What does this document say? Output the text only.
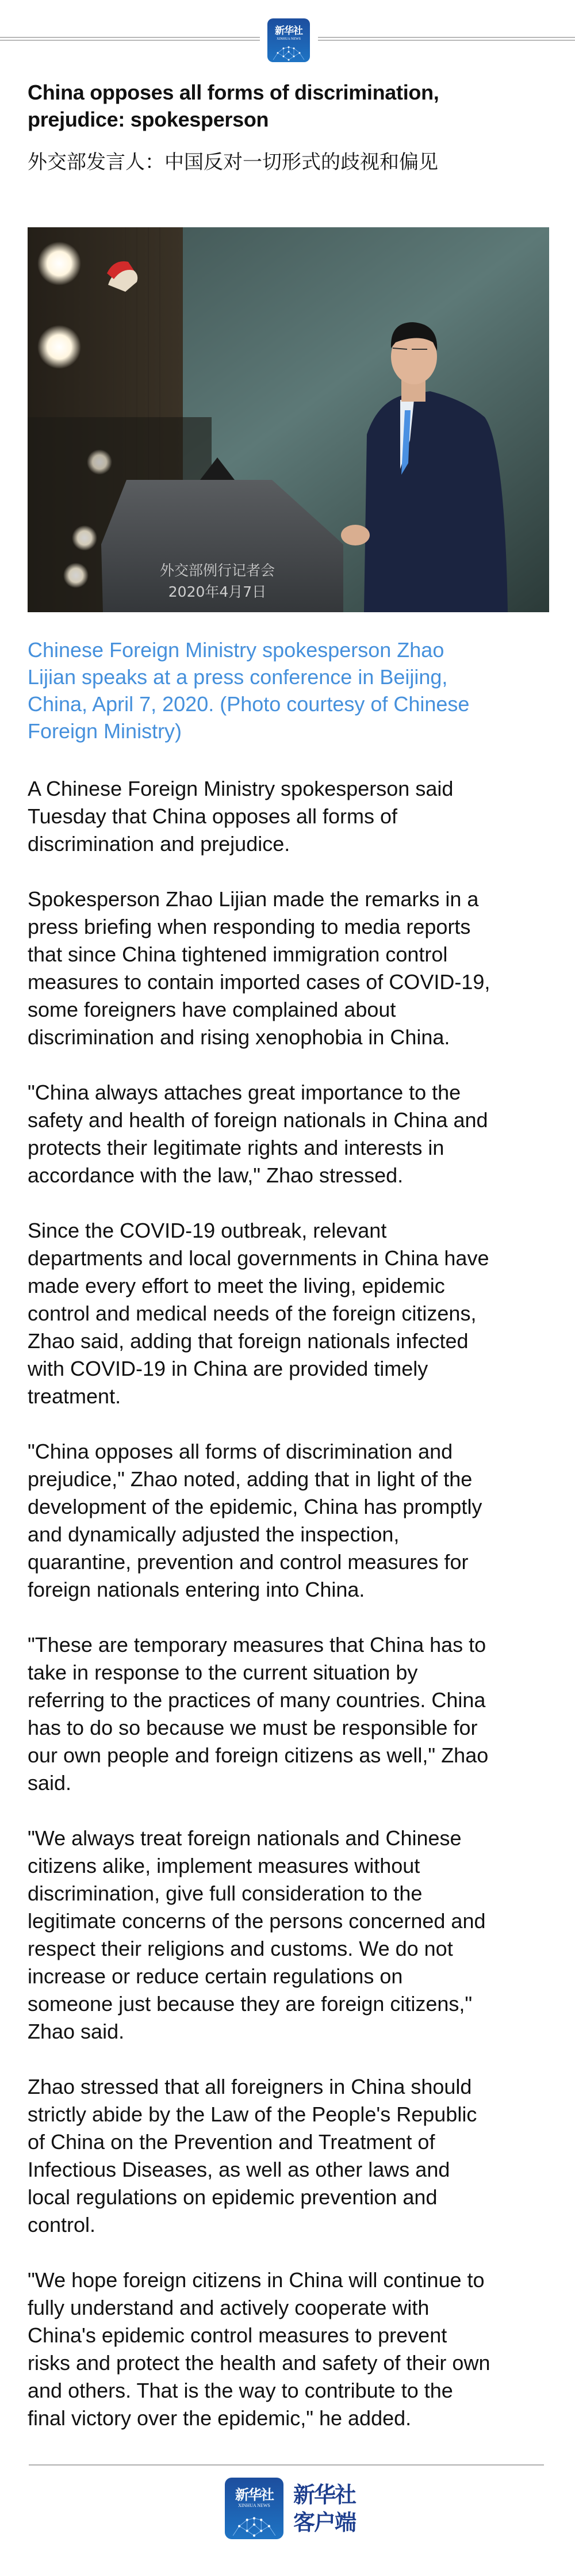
新华社
XINHUA NEWS
China opposes all forms of discrimination,
prejudice: spokesperson
外交部发言人：中国反对一切形式的歧视和偏见
外交部例行记者会
2020年4月7日
Chinese Foreign Ministry spokesperson Zhao
Lijian speaks at a press conference in Beijing,
China, April 7, 2020. (Photo courtesy of Chinese
Foreign Ministry)

A Chinese Foreign Ministry spokesperson said
Tuesday that China opposes all forms of
discrimination and prejudice.

Spokesperson Zhao Lijian made the remarks in a
press briefing when responding to media reports
that since China tightened immigration control
measures to contain imported cases of COVID-19,
some foreigners have complained about
discrimination and rising xenophobia in China.

"China always attaches great importance to the
safety and health of foreign nationals in China and
protects their legitimate rights and interests in
accordance with the law," Zhao stressed.

Since the COVID-19 outbreak, relevant
departments and local governments in China have
made every effort to meet the living, epidemic
control and medical needs of the foreign citizens,
Zhao said, adding that foreign nationals infected
with COVID-19 in China are provided timely
treatment.

"China opposes all forms of discrimination and
prejudice," Zhao noted, adding that in light of the
development of the epidemic, China has promptly
and dynamically adjusted the inspection,
quarantine, prevention and control measures for
foreign nationals entering into China.

"These are temporary measures that China has to
take in response to the current situation by
referring to the practices of many countries. China
has to do so because we must be responsible for
our own people and foreign citizens as well," Zhao
said.

"We always treat foreign nationals and Chinese
citizens alike, implement measures without
discrimination, give full consideration to the
legitimate concerns of the persons concerned and
respect their religions and customs. We do not
increase or reduce certain regulations on
someone just because they are foreign citizens,"
Zhao said.

Zhao stressed that all foreigners in China should
strictly abide by the Law of the People's Republic
of China on the Prevention and Treatment of
Infectious Diseases, as well as other laws and
local regulations on epidemic prevention and
control.

"We hope foreign citizens in China will continue to
fully understand and actively cooperate with
China's epidemic control measures to prevent
risks and protect the health and safety of their own
and others. That is the way to contribute to the
final victory over the epidemic," he added.

新华社
XINHUA NEWS	新华社
客户端
